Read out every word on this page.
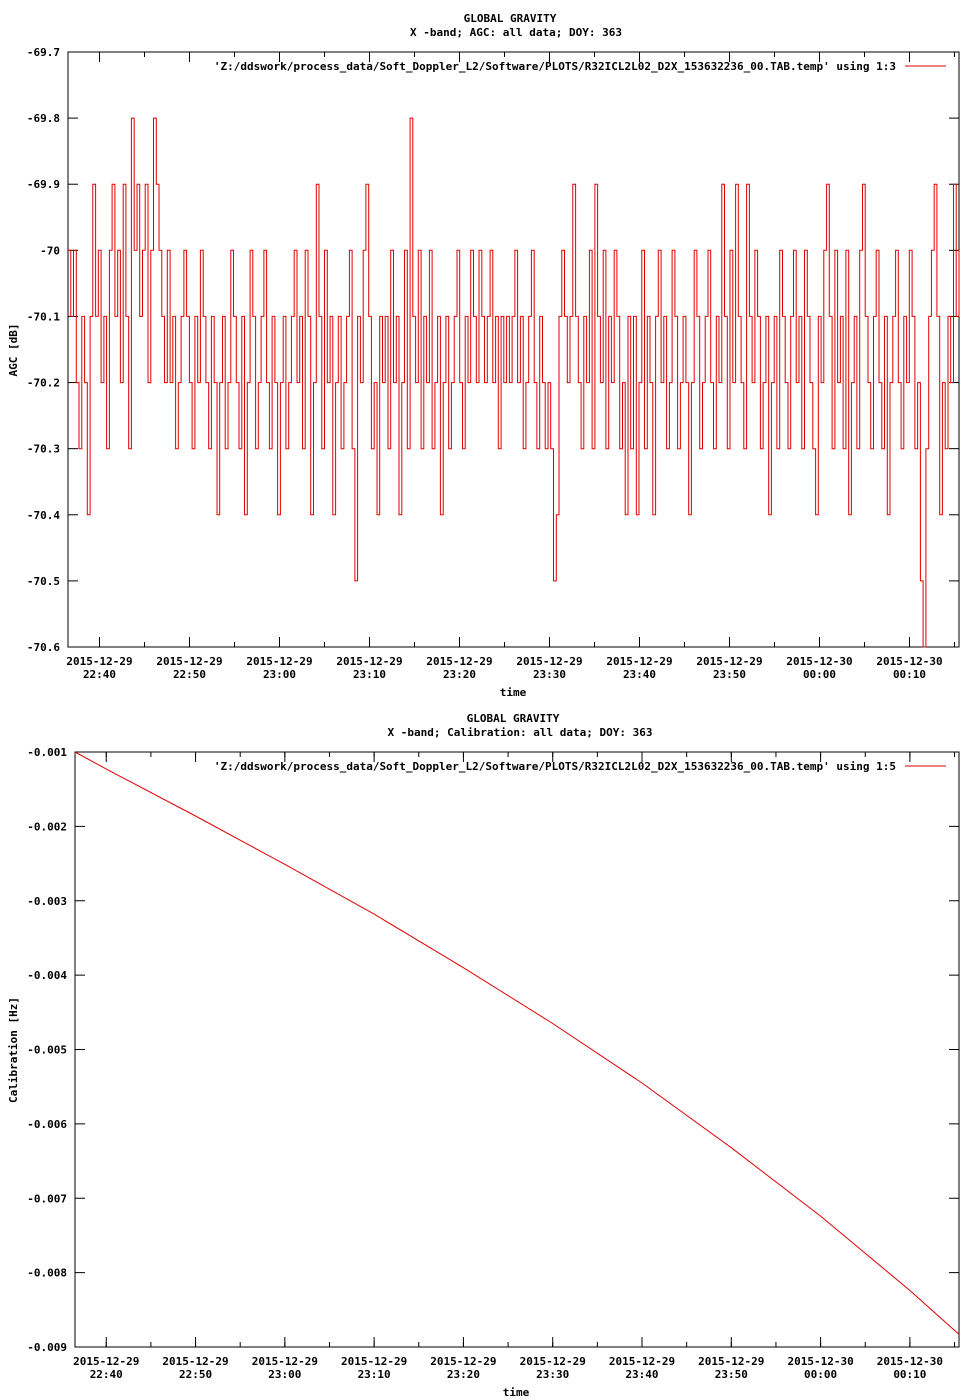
GLOBAL GRAVITY
X -band; AGC: all data; DOY: 363
-69.7
-69.8
-69.9
-70
-70.1
-70.2
-70.3
-70.4
-70.5
-70.6
2015-12-29
22:40
2015-12-29
22:50
2015-12-29
23:00
2015-12-29
23:10
2015-12-29
23:20
2015-12-29
23:30
2015-12-29
23:40
2015-12-29
23:50
2015-12-30
00:00
2015-12-30
00:10
AGC [dB]
time
'Z:/ddswork/process_data/Soft_Doppler_L2/Software/PLOTS/R32ICL2L02_D2X_153632236_00.TAB.temp' using 1:3
GLOBAL GRAVITY
X -band; Calibration: all data; DOY: 363
-0.001
-0.002
-0.003
-0.004
-0.005
-0.006
-0.007
-0.008
-0.009
2015-12-29
22:40
2015-12-29
22:50
2015-12-29
23:00
2015-12-29
23:10
2015-12-29
23:20
2015-12-29
23:30
2015-12-29
23:40
2015-12-29
23:50
2015-12-30
00:00
2015-12-30
00:10
Calibration [Hz]
time
'Z:/ddswork/process_data/Soft_Doppler_L2/Software/PLOTS/R32ICL2L02_D2X_153632236_00.TAB.temp' using 1:5
